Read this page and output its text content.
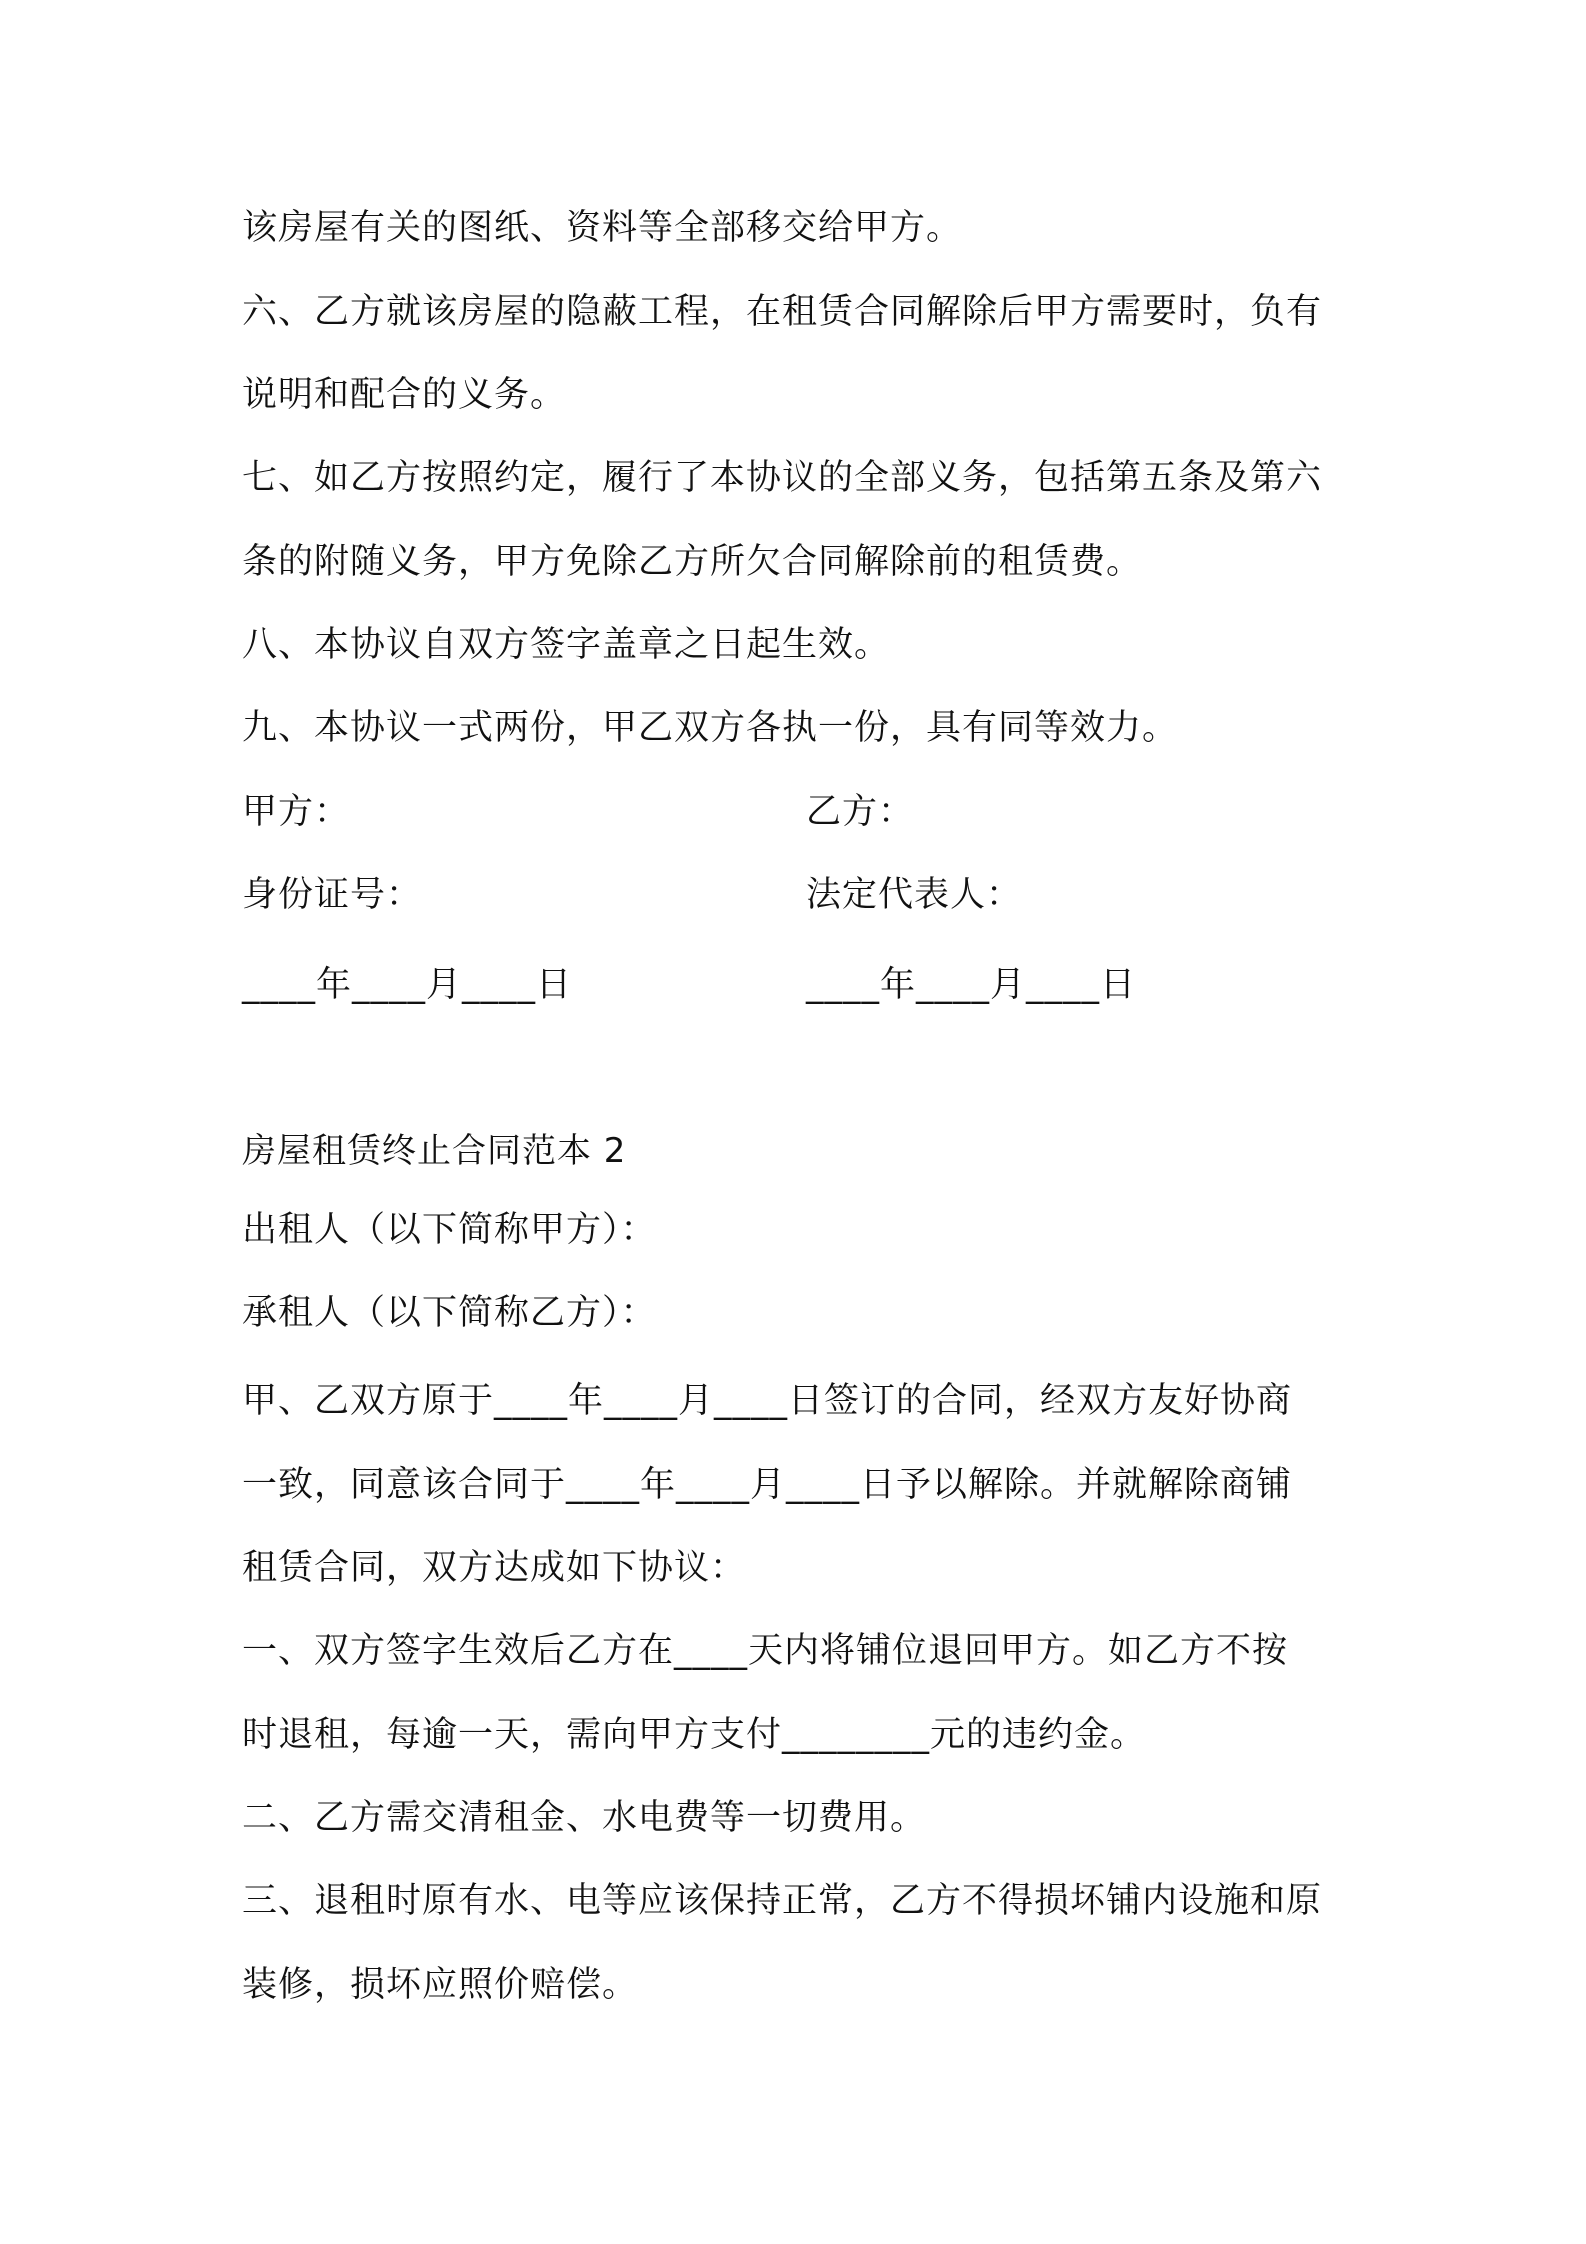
该房屋有关的图纸、资料等全部移交给甲方。
六、乙方就该房屋的隐蔽工程，在租赁合同解除后甲方需要时，负有
说明和配合的义务。
七、如乙方按照约定，履行了本协议的全部义务，包括第五条及第六
条的附随义务，甲方免除乙方所欠合同解除前的租赁费。
八、本协议自双方签字盖章之日起生效。
九、本协议一式两份，甲乙双方各执一份，具有同等效力。
甲方：	乙方：
身份证号：	法定代表人：
____年____月____日	____年____月____日
房屋租赁终止合同范本 2
出租人（以下简称甲方）：
承租人（以下简称乙方）：
甲、乙双方原于____年____月____日签订的合同，经双方友好协商
一致，同意该合同于____年____月____日予以解除。并就解除商铺
租赁合同，双方达成如下协议：
一、双方签字生效后乙方在____天内将铺位退回甲方。如乙方不按
时退租，每逾一天，需向甲方支付________元的违约金。
二、乙方需交清租金、水电费等一切费用。
三、退租时原有水、电等应该保持正常，乙方不得损坏铺内设施和原
装修，损坏应照价赔偿。
